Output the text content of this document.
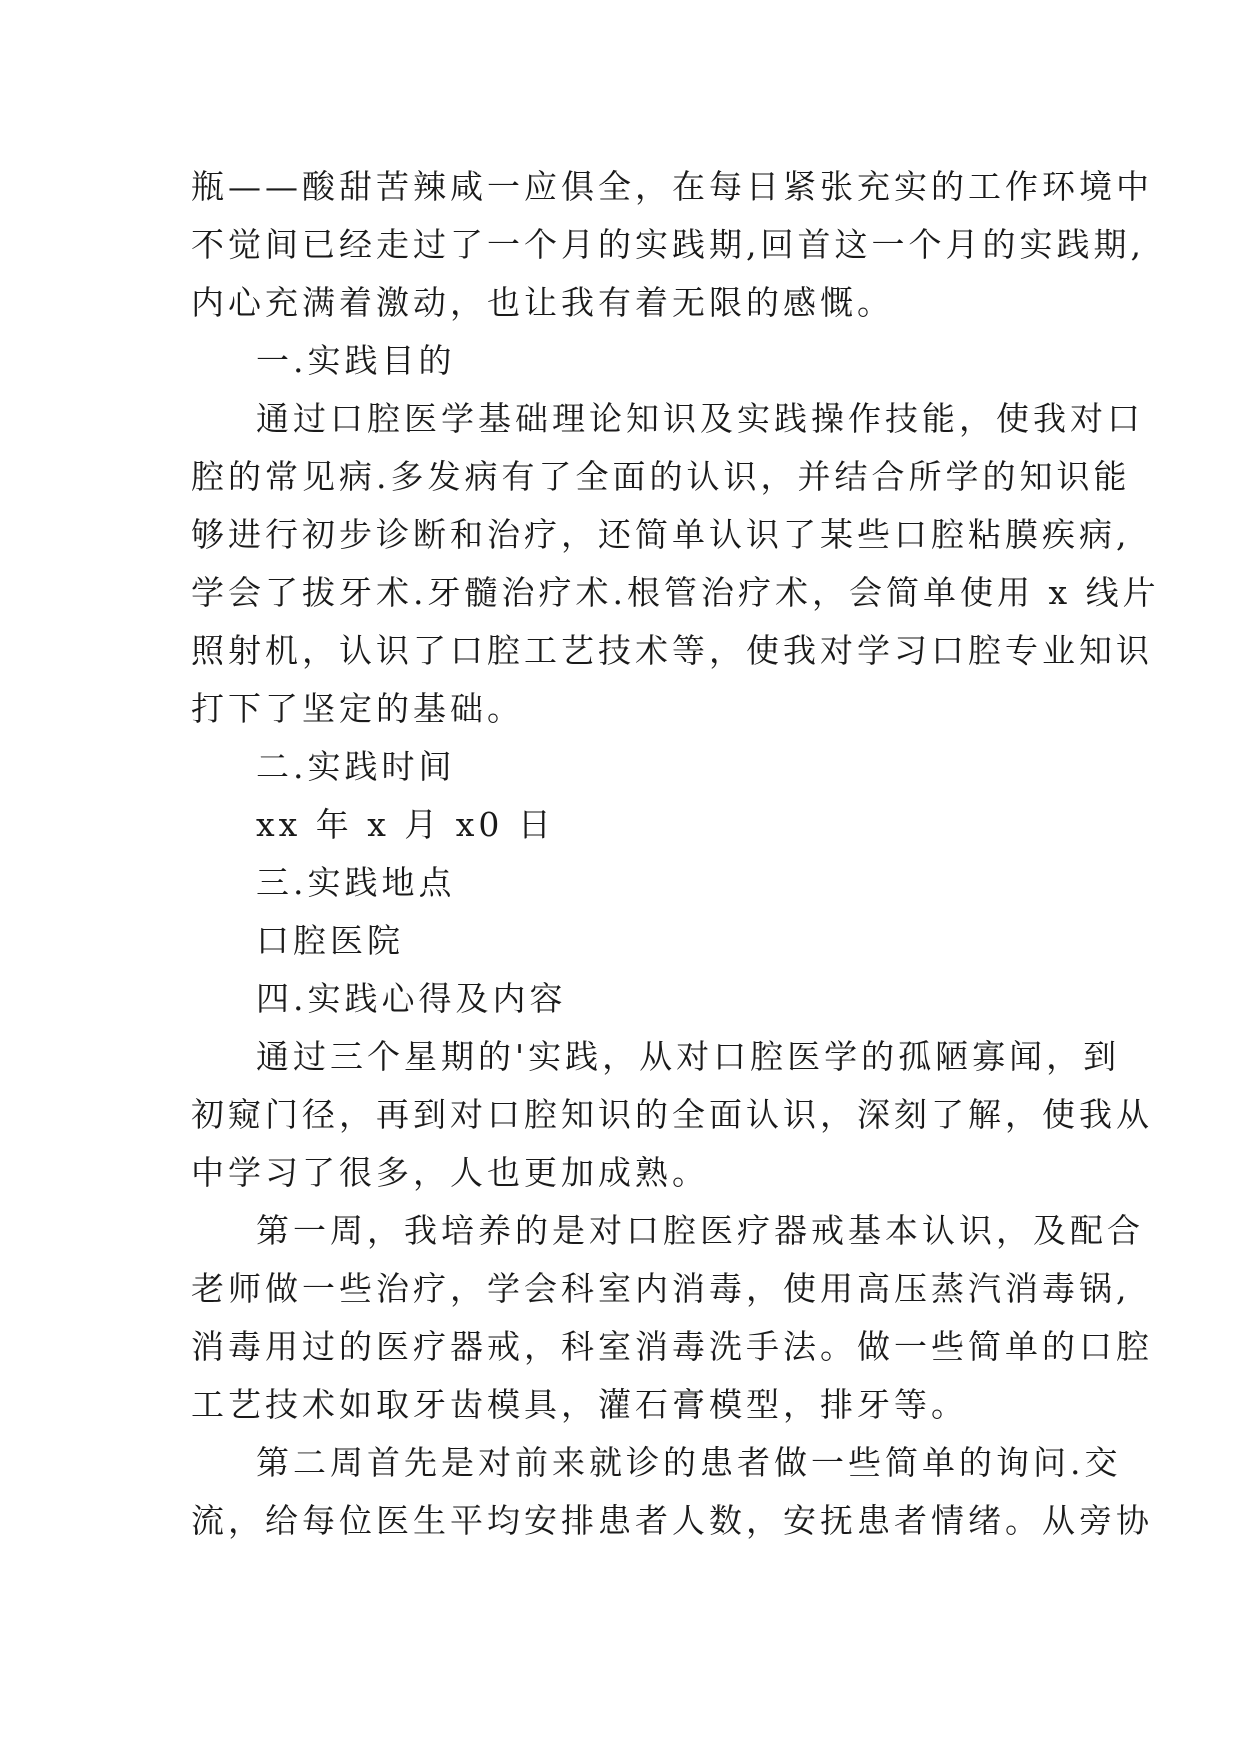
瓶——酸甜苦辣咸一应俱全，在每日紧张充实的工作环境中
不觉间已经走过了一个月的实践期,回首这一个月的实践期,
内心充满着激动，也让我有着无限的感慨。
一.实践目的
通过口腔医学基础理论知识及实践操作技能，使我对口
腔的常见病.多发病有了全面的认识，并结合所学的知识能
够进行初步诊断和治疗，还简单认识了某些口腔粘膜疾病,
学会了拔牙术.牙髓治疗术.根管治疗术，会简单使用 x 线片
照射机，认识了口腔工艺技术等，使我对学习口腔专业知识
打下了坚定的基础。
二.实践时间
xx 年 x 月 x0 日
三.实践地点
口腔医院
四.实践心得及内容
通过三个星期的'实践，从对口腔医学的孤陋寡闻，到
初窥门径，再到对口腔知识的全面认识，深刻了解，使我从
中学习了很多，人也更加成熟。
第一周，我培养的是对口腔医疗器戒基本认识，及配合
老师做一些治疗，学会科室内消毒，使用高压蒸汽消毒锅,
消毒用过的医疗器戒，科室消毒洗手法。做一些简单的口腔
工艺技术如取牙齿模具，灌石膏模型，排牙等。
第二周首先是对前来就诊的患者做一些简单的询问.交
流，给每位医生平均安排患者人数，安抚患者情绪。从旁协
